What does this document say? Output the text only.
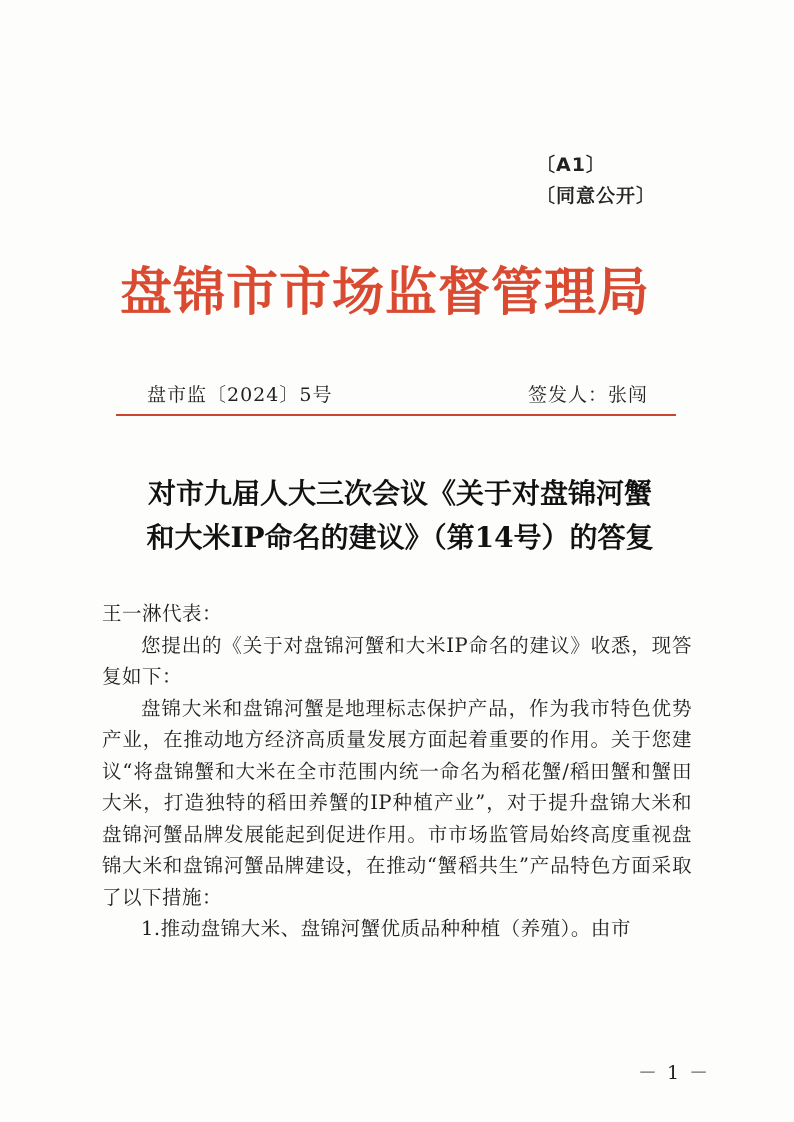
〔A1〕
〔同意公开〕
盘锦市市场监督管理局
盘市监〔2024〕5号	签发人：张闯
对市九届人大三次会议《关于对盘锦河蟹
和大米IP命名的建议》（第14号）的答复

王一淋代表：

您提出的《关于对盘锦河蟹和大米IP命名的建议》收悉，现答复如下：

盘锦大米和盘锦河蟹是地理标志保护产品，作为我市特色优势产业，在推动地方经济高质量发展方面起着重要的作用。关于您建议“将盘锦蟹和大米在全市范围内统一命名为稻花蟹/稻田蟹和蟹田大米，打造独特的稻田养蟹的IP种植产业”，对于提升盘锦大米和盘锦河蟹品牌发展能起到促进作用。市市场监管局始终高度重视盘锦大米和盘锦河蟹品牌建设，在推动“蟹稻共生”产品特色方面采取了以下措施：

1.推动盘锦大米、盘锦河蟹优质品种种植（养殖）。由市

－ 1 －
